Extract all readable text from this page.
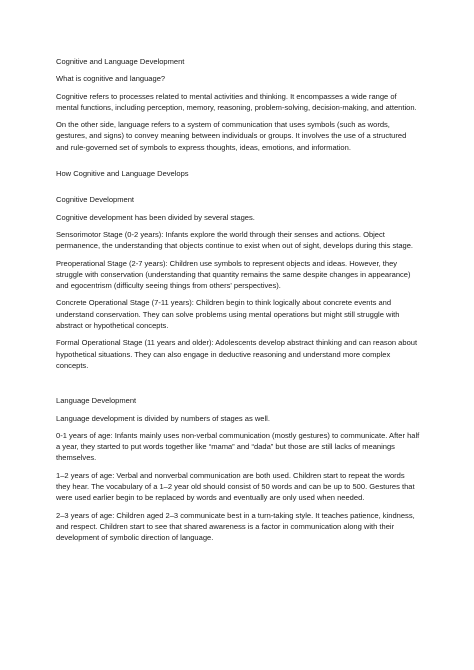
Cognitive and Language Development

What is cognitive and language?

Cognitive refers to processes related to mental activities and thinking. It encompasses a wide range of mental functions, including perception, memory, reasoning, problem-solving, decision-making, and attention.

On the other side, language refers to a system of communication that uses symbols (such as words, gestures, and signs) to convey meaning between individuals or groups. It involves the use of a structured and rule-governed set of symbols to express thoughts, ideas, emotions, and information.

How Cognitive and Language Develops

Cognitive Development

Cognitive development has been divided by several stages.

Sensorimotor Stage (0-2 years): Infants explore the world through their senses and actions. Object permanence, the understanding that objects continue to exist when out of sight, develops during this stage.

Preoperational Stage (2-7 years): Children use symbols to represent objects and ideas. However, they struggle with conservation (understanding that quantity remains the same despite changes in appearance) and egocentrism (difficulty seeing things from others' perspectives).

Concrete Operational Stage (7-11 years): Children begin to think logically about concrete events and understand conservation. They can solve problems using mental operations but might still struggle with abstract or hypothetical concepts.

Formal Operational Stage (11 years and older): Adolescents develop abstract thinking and can reason about hypothetical situations. They can also engage in deductive reasoning and understand more complex concepts.

Language Development

Language development is divided by numbers of stages as well.

0-1 years of age: Infants mainly uses non-verbal communication (mostly gestures) to communicate. After half a year, they started to put words together like “mama” and “dada” but those are still lacks of meanings themselves.

1–2 years of age: Verbal and nonverbal communication are both used. Children start to repeat the words they hear. The vocabulary of a 1–2 year old should consist of 50 words and can be up to 500. Gestures that were used earlier begin to be replaced by words and eventually are only used when needed.

2–3 years of age: Children aged 2–3 communicate best in a turn-taking style. It teaches patience, kindness, and respect. Children start to see that shared awareness is a factor in communication along with their development of symbolic direction of language.
